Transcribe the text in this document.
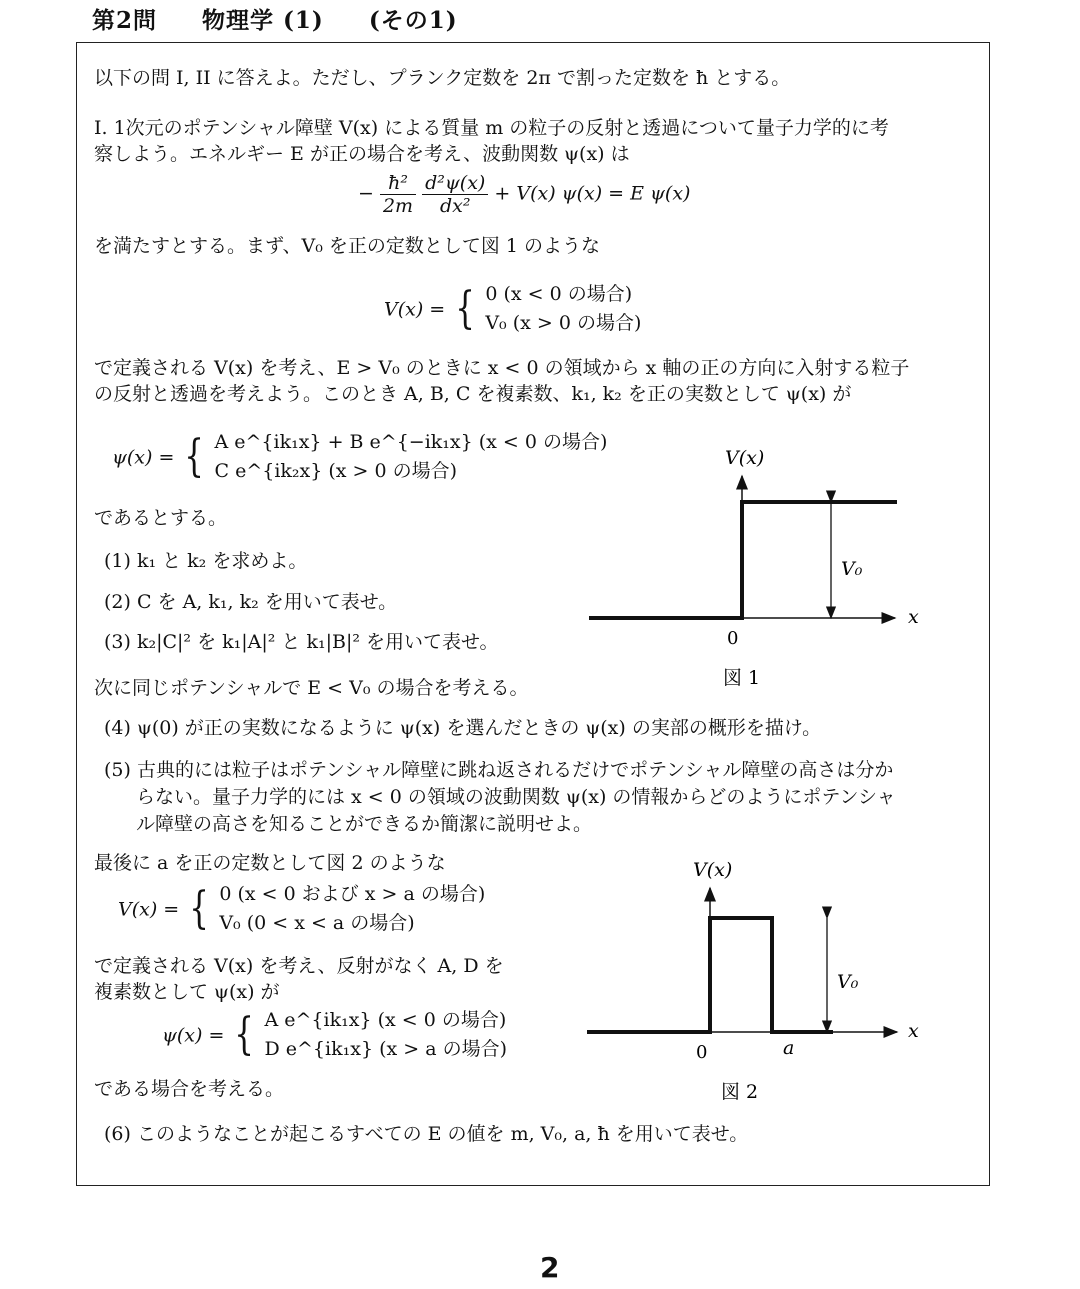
第2問 物理学 (1) (その1)
以下の問 I, II に答えよ。ただし、プランク定数を 2π で割った定数を ħ とする。
I. 1次元のポテンシャル障壁 V(x) による質量 m の粒子の反射と透過について量子力学的に考
察しよう。エネルギー E が正の場合を考え、波動関数 ψ(x) は
− $\frac{\text{ħ²}}{2m}$
$\frac{\text{d²ψ(x)}}{\text{dx²}} + V(x) \psi(x) = E$ ψ(x)
を満たすとする。まず、V₀ を正の定数として図 1 のような
V(x) = { 0 (x < 0 の場合)
V₀ (x > 0 の場合)
で定義される V(x) を考え、E > V₀ のときに x < 0 の領域から x 軸の正の方向に入射する粒子
の反射と透過を考えよう。このとき A, B, C を複素数、k₁, k₂ を正の実数として ψ(x) が
ψ(x) = { A e^{ik₁x} + B e^{−ik₁x} (x < 0 の場合)
C e^{ik₂x} (x > 0 の場合)
であるとする。
(1) k₁ と k₂ を求めよ。
(2) C を A, k₁, k₂ を用いて表せ。
(3) k₂|C|² を k₁|A|² と k₁|B|² を用いて表せ。
次に同じポテンシャルで E < V₀ の場合を考える。
(4) ψ(0) が正の実数になるように ψ(x) を選んだときの ψ(x) の実部の概形を描け。
(5) 古典的には粒子はポテンシャル障壁に跳ね返されるだけでポテンシャル障壁の高さは分か
らない。量子力学的には x < 0 の領域の波動関数 ψ(x) の情報からどのようにポテンシャ
ル障壁の高さを知ることができるか簡潔に説明せよ。
最後に a を正の定数として図 2 のような
V(x) = { 0 (x < 0 および x > a の場合)
V₀ (0 < x < a の場合)
で定義される V(x) を考え、反射がなく A, D を
複素数として ψ(x) が
ψ(x) = { A e^{ik₁x} (x < 0 の場合)
D e^{ik₁x} (x > a の場合)
である場合を考える。
(6) このようなことが起こるすべての E の値を m, V₀, a, ħ を用いて表せ。
V(x)
x
V₀
0
図 1
V(x)
x
V₀
0	a
図 2
2
